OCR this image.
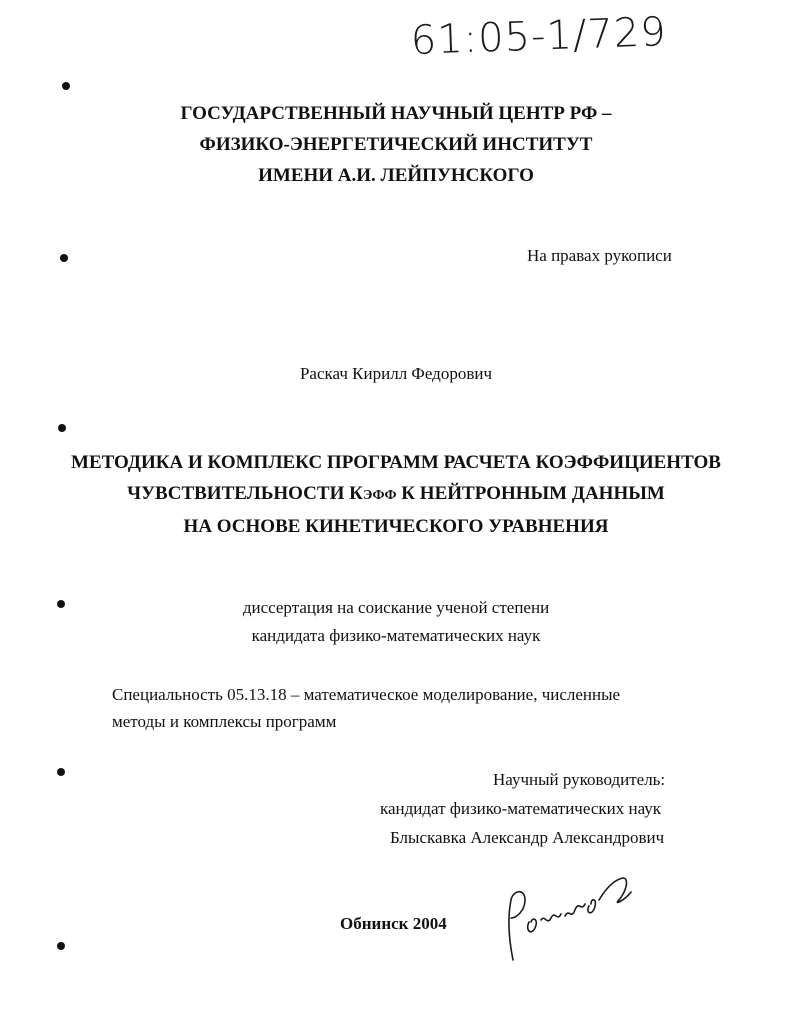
61:05-1/729
ГОСУДАРСТВЕННЫЙ НАУЧНЫЙ ЦЕНТР РФ –
ФИЗИКО-ЭНЕРГЕТИЧЕСКИЙ ИНСТИТУТ
ИМЕНИ А.И. ЛЕЙПУНСКОГО
На правах рукописи
Раскач Кирилл Федорович
МЕТОДИКА И КОМПЛЕКС ПРОГРАММ РАСЧЕТА КОЭФФИЦИЕНТОВ
ЧУВСТВИТЕЛЬНОСТИ КЭФФ К НЕЙТРОННЫМ ДАННЫМ
НА ОСНОВЕ КИНЕТИЧЕСКОГО УРАВНЕНИЯ
диссертация на соискание ученой степени
кандидата физико-математических наук
Специальность 05.13.18 – математическое моделирование, численные
методы и комплексы программ
Научный руководитель:
кандидат физико-математических наук
Блыскавка Александр Александрович
Обнинск 2004
